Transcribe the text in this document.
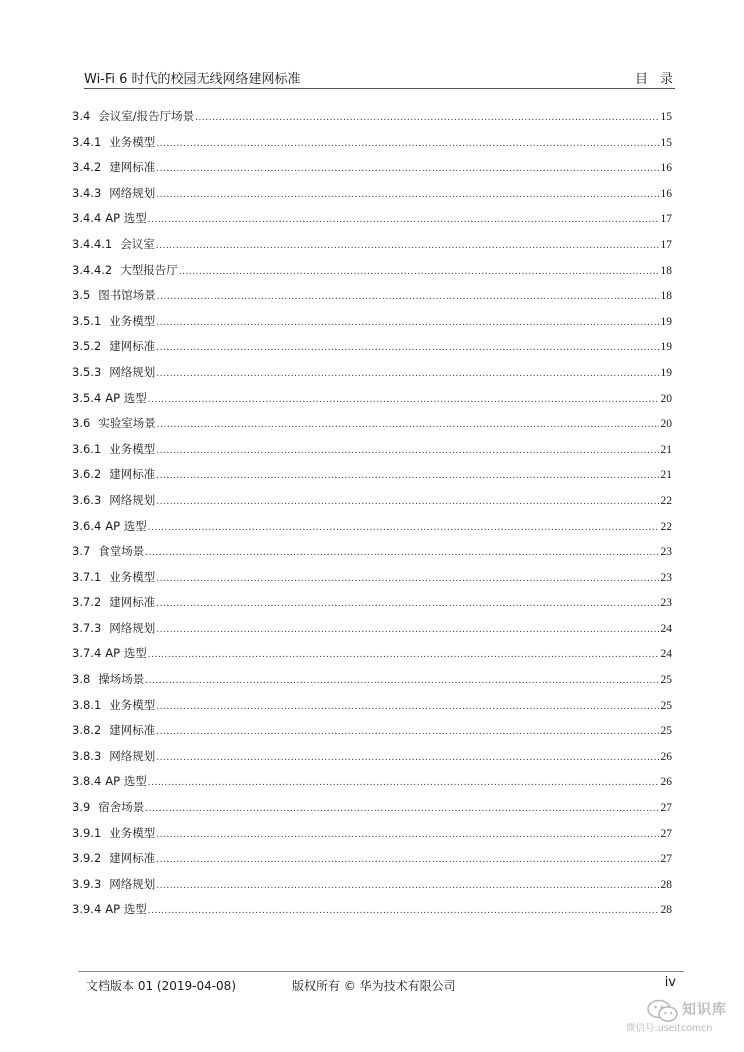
Wi-Fi 6 时代的校园无线网络建网标准	目录
3.4 会议室/报告厅场景 .....	15
3.4.1 业务模型 .....	15
3.4.2 建网标准 .....	16
3.4.3 网络规划 .....	16
3.4.4 AP 选型 .....	17
3.4.4.1 会议室 .....	17
3.4.4.2 大型报告厅 .....	18
3.5 图书馆场景 .....	18
3.5.1 业务模型 .....	19
3.5.2 建网标准 .....	19
3.5.3 网络规划 .....	19
3.5.4 AP 选型 .....	20
3.6 实验室场景 .....	20
3.6.1 业务模型 .....	21
3.6.2 建网标准 .....	21
3.6.3 网络规划 .....	22
3.6.4 AP 选型 .....	22
3.7 食堂场景 .....	23
3.7.1 业务模型 .....	23
3.7.2 建网标准 .....	23
3.7.3 网络规划 .....	24
3.7.4 AP 选型 .....	24
3.8 操场场景 .....	25
3.8.1 业务模型 .....	25
3.8.2 建网标准 .....	25
3.8.3 网络规划 .....	26
3.8.4 AP 选型 .....	26
3.9 宿舍场景 .....	27
3.9.1 业务模型 .....	27
3.9.2 建网标准 .....	27
3.9.3 网络规划 .....	28
3.9.4 AP 选型 .....	28
文档版本 01 (2019-04-08)	版权所有 © 华为技术有限公司	iv
知识库
微信号:useitcomcn
